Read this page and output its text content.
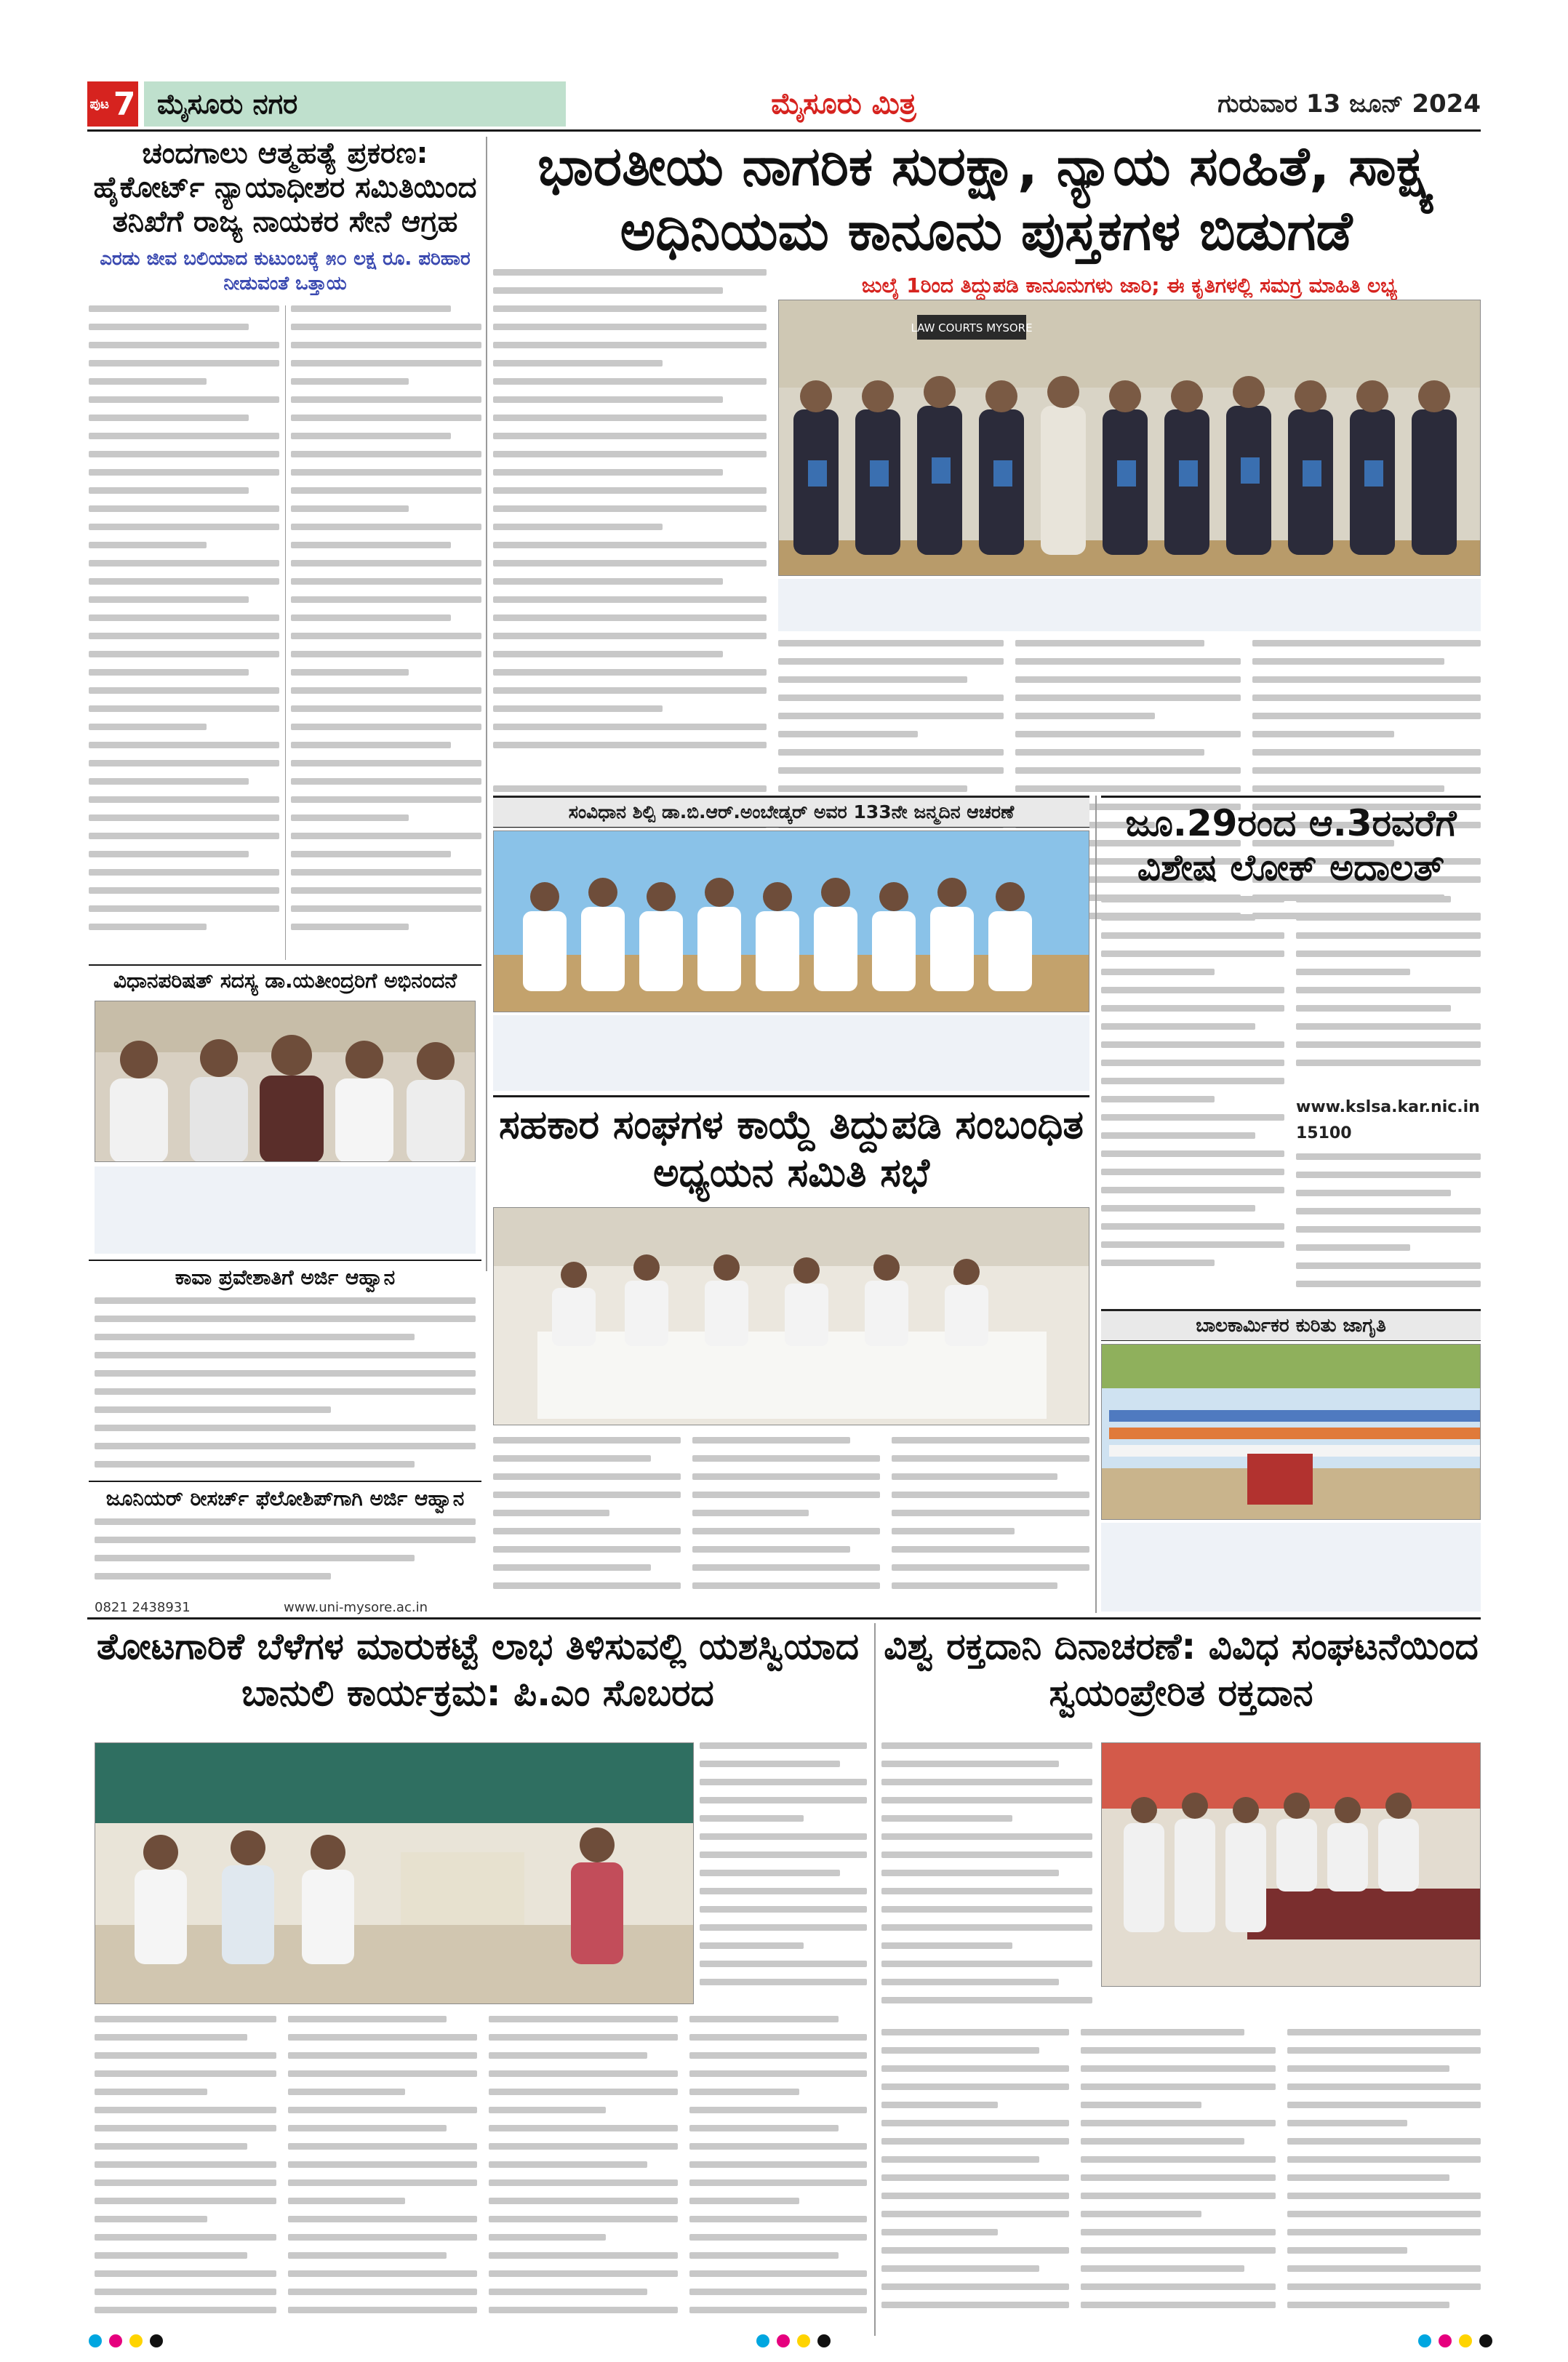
ಪುಟ 7 ಮೈಸೂರು ನಗರ	ಮೈಸೂರು ಮಿತ್ರ	ಗುರುವಾರ 13 ಜೂನ್ 2024
ಚಂದಗಾಲು ಆತ್ಮಹತ್ಯೆ ಪ್ರಕರಣ: ಹೈಕೋರ್ಟ್ ನ್ಯಾಯಾಧೀಶರ ಸಮಿತಿಯಿಂದ ತನಿಖೆಗೆ ರಾಜ್ಯ ನಾಯಕರ ಸೇನೆ ಆಗ್ರಹ
ಎರಡು ಜೀವ ಬಲಿಯಾದ ಕುಟುಂಬಕ್ಕೆ ೫೦ ಲಕ್ಷ ರೂ. ಪರಿಹಾರ ನೀಡುವಂತೆ ಒತ್ತಾಯ
ಭಾರತೀಯ ನಾಗರಿಕ ಸುರಕ್ಷಾ, ನ್ಯಾಯ ಸಂಹಿತೆ, ಸಾಕ್ಷ್ಯ ಅಧಿನಿಯಮ ಕಾನೂನು ಪುಸ್ತಕಗಳ ಬಿಡುಗಡೆ
ಜುಲೈ 1ರಿಂದ ತಿದ್ದುಪಡಿ ಕಾನೂನುಗಳು ಜಾರಿ; ಈ ಕೃತಿಗಳಲ್ಲಿ ಸಮಗ್ರ ಮಾಹಿತಿ ಲಭ್ಯ
LAW COURTS MYSORE
ವಿಧಾನಪರಿಷತ್ ಸದಸ್ಯ ಡಾ.ಯತೀಂದ್ರರಿಗೆ ಅಭಿನಂದನೆ
ಕಾವಾ ಪ್ರವೇಶಾತಿಗೆ ಅರ್ಜಿ ಆಹ್ವಾನ
ಜೂನಿಯರ್ ರೀಸರ್ಚ್ ಫೆಲೋಶಿಪ್‌ಗಾಗಿ ಅರ್ಜಿ ಆಹ್ವಾನ
0821 2438931	www.uni-mysore.ac.in
ಸಂವಿಧಾನ ಶಿಲ್ಪಿ ಡಾ.ಬಿ.ಆರ್.ಅಂಬೇಡ್ಕರ್ ಅವರ 133ನೇ ಜನ್ಮದಿನ ಆಚರಣೆ
ಸಹಕಾರ ಸಂಘಗಳ ಕಾಯ್ದೆ ತಿದ್ದುಪಡಿ ಸಂಬಂಧಿತ ಅಧ್ಯಯನ ಸಮಿತಿ ಸಭೆ
ಜೂ.29ರಂದ ಆ.3ರವರೆಗೆ ವಿಶೇಷ ಲೋಕ್ ಅದಾಲತ್
www.kslsa.kar.nic.in
15100
ಬಾಲಕಾರ್ಮಿಕರ ಕುರಿತು ಜಾಗೃತಿ
ತೋಟಗಾರಿಕೆ ಬೆಳೆಗಳ ಮಾರುಕಟ್ಟೆ ಲಾಭ ತಿಳಿಸುವಲ್ಲಿ ಯಶಸ್ವಿಯಾದ ಬಾನುಲಿ ಕಾರ್ಯಕ್ರಮ: ಪಿ.ಎಂ ಸೊಬರದ
ವಿಶ್ವ ರಕ್ತದಾನಿ ದಿನಾಚರಣೆ: ವಿವಿಧ ಸಂಘಟನೆಯಿಂದ ಸ್ವಯಂಪ್ರೇರಿತ ರಕ್ತದಾನ
